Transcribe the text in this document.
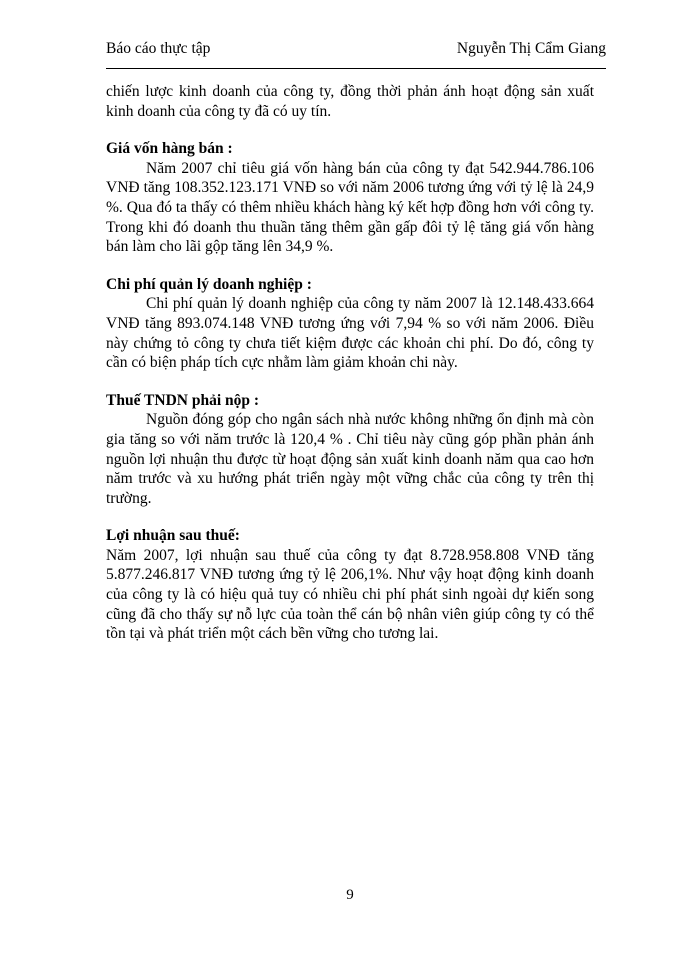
Báo cáo thực tập	Nguyễn Thị Cẩm Giang

chiến lược kinh doanh của công ty, đồng thời phản ánh hoạt động sản xuất kinh doanh của công ty đã có uy tín.

Giá vốn hàng bán :

Năm 2007 chỉ tiêu giá vốn hàng bán của công ty đạt 542.944.786.106 VNĐ tăng 108.352.123.171 VNĐ so với năm 2006 tương ứng với tỷ lệ là 24,9 %. Qua đó ta thấy có thêm nhiều khách hàng ký kết hợp đồng hơn với công ty. Trong khi đó doanh thu thuần tăng thêm gần gấp đôi tỷ lệ tăng giá vốn hàng bán làm cho lãi gộp tăng lên 34,9 %.

Chi phí quản lý doanh nghiệp :

Chi phí quản lý doanh nghiệp của công ty năm 2007 là 12.148.433.664 VNĐ tăng 893.074.148 VNĐ tương ứng với 7,94 % so với năm 2006. Điều này chứng tỏ công ty chưa tiết kiệm được các khoản chi phí. Do đó, công ty cần có biện pháp tích cực nhằm làm giảm khoản chi này.

Thuế TNDN phải nộp :

Nguồn đóng góp cho ngân sách nhà nước không những ổn định mà còn gia tăng so với năm trước là 120,4 % . Chỉ tiêu này cũng góp phần phản ánh nguồn lợi nhuận thu được từ hoạt động sản xuất kinh doanh năm qua cao hơn năm trước và xu hướng phát triển ngày một vững chắc của công ty trên thị trường.

Lợi nhuận sau thuế:

Năm 2007, lợi nhuận sau thuế của công ty đạt 8.728.958.808 VNĐ tăng 5.877.246.817 VNĐ tương ứng tỷ lệ 206,1%. Như vậy hoạt động kinh doanh của công ty là có hiệu quả tuy có nhiều chi phí phát sinh ngoài dự kiến song cũng đã cho thấy sự nỗ lực của toàn thể cán bộ nhân viên giúp công ty có thể tồn tại và phát triển một cách bền vững cho tương lai.

9
